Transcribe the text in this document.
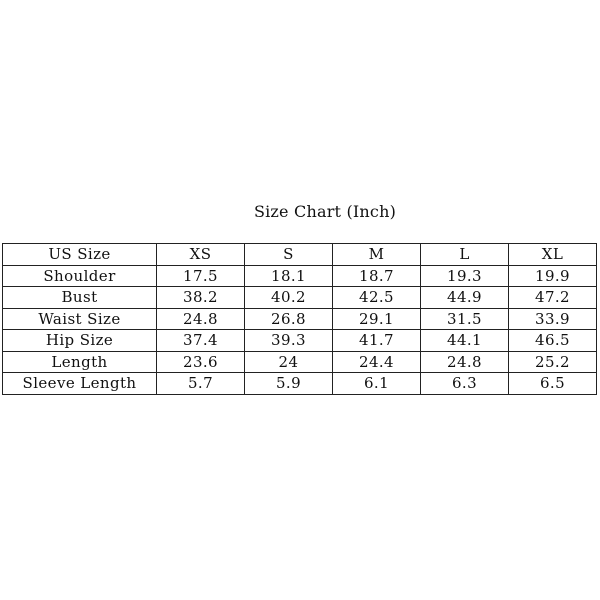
Size Chart (Inch)
US Size	XS	S	M	L	XL
Shoulder	17.5	18.1	18.7	19.3	19.9
Bust	38.2	40.2	42.5	44.9	47.2
Waist Size	24.8	26.8	29.1	31.5	33.9
Hip Size	37.4	39.3	41.7	44.1	46.5
Length	23.6	24	24.4	24.8	25.2
Sleeve Length	5.7	5.9	6.1	6.3	6.5
